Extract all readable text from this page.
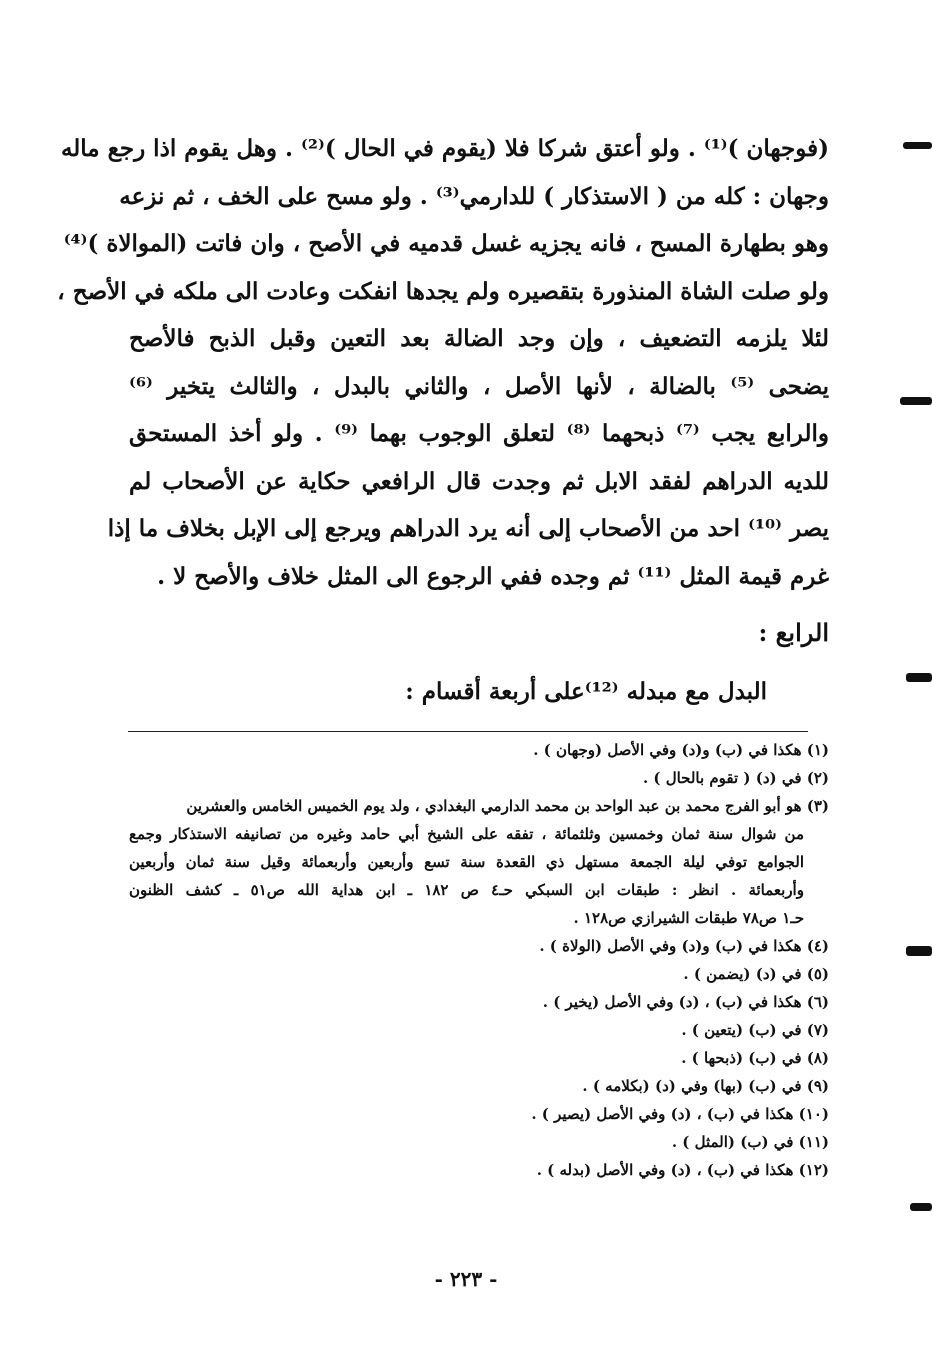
(فوجهان )⁽¹⁾ . ولو أعتق شركا فلا (يقوم في الحال )⁽²⁾ . وهل يقوم اذا رجع ماله
وجهان : كله من ( الاستذكار ) للدارمي⁽³⁾ . ولو مسح على الخف ، ثم نزعه
وهو بطهارة المسح ، فانه يجزيه غسل قدميه في الأصح ، وان فاتت (الموالاة )⁽⁴⁾
ولو صلت الشاة المنذورة بتقصيره ولم يجدها انفكت وعادت الى ملكه في الأصح ،
لئلا يلزمه التضعيف ، وإن وجد الضالة بعد التعين وقبل الذبح فالأصح
يضحى ⁽⁵⁾ بالضالة ، لأنها الأصل ، والثاني بالبدل ، والثالث يتخير ⁽⁶⁾
والرابع يجب ⁽⁷⁾ ذبحهما ⁽⁸⁾ لتعلق الوجوب بهما ⁽⁹⁾ . ولو أخذ المستحق
للديه الدراهم لفقد الابل ثم وجدت قال الرافعي حكاية عن الأصحاب لم
يصر ⁽¹⁰⁾ احد من الأصحاب إلى أنه يرد الدراهم ويرجع إلى الإبل بخلاف ما إذا
غرم قيمة المثل ⁽¹¹⁾ ثم وجده ففي الرجوع الى المثل خلاف والأصح لا .
الرابع :
البدل مع مبدله ⁽¹²⁾على أربعة أقسام :
(١) هكذا في (ب) و(د) وفي الأصل (وجهان ) .
(٢) في (د) ( تقوم بالحال ) .
(٣) هو أبو الفرج محمد بن عبد الواحد بن محمد الدارمي البغدادي ، ولد يوم الخميس الخامس والعشرين
من شوال سنة ثمان وخمسين وثلثمائة ، تفقه على الشيخ أبي حامد وغيره من تصانيفه الاستذكار وجمع
الجوامع توفي ليلة الجمعة مستهل ذي القعدة سنة تسع وأربعين وأربعمائة وقيل سنة ثمان وأربعين
وأربعمائة . انظر : طبقات ابن السبكي حـ٤ ص ١٨٢ ـ ابن هداية الله ص٥١ ـ كشف الظنون
حـ١ ص٧٨ طبقات الشيرازي ص١٢٨ .
(٤) هكذا في (ب) و(د) وفي الأصل (الولاة ) .
(٥) في (د) (يضمن ) .
(٦) هكذا في (ب) ، (د) وفي الأصل (يخير ) .
(٧) في (ب) (يتعين ) .
(٨) في (ب) (ذبحها ) .
(٩) في (ب) (بها) وفي (د) (بكلامه ) .
(١٠) هكذا في (ب) ، (د) وفي الأصل (يصير ) .
(١١) في (ب) (المثل ) .
(١٢) هكذا في (ب) ، (د) وفي الأصل (بدله ) .
- ٢٢٣ -
